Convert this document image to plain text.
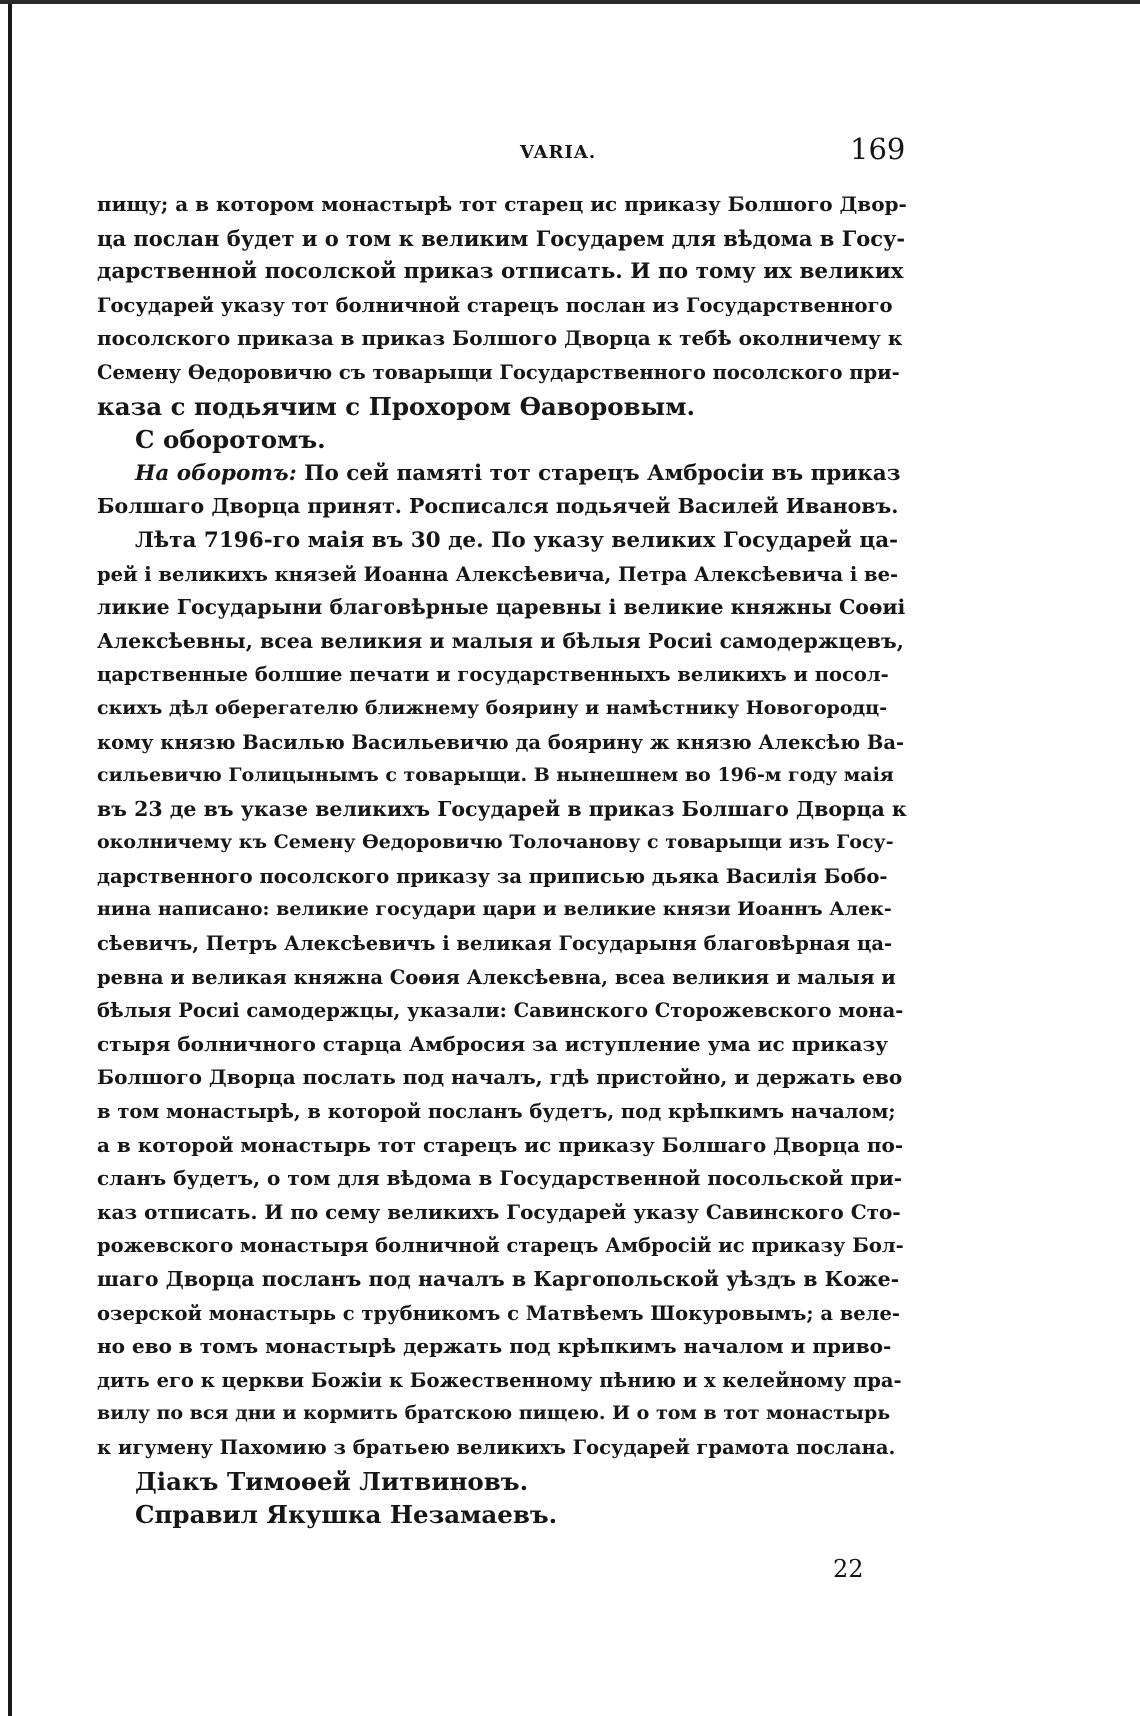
VARIA.	169
пищу; а в котором монастырѣ тот старец ис приказу Болшого Двор-
ца послан будет и о том к великим Государем для вѣдома в Госу-
дарственной посолской приказ отписать. И по тому их великих
Государей указу тот болничной старецъ послан из Государственного
посолского приказа в приказ Болшого Дворца к тебѣ околничему к
Семену Ѳедоровичю съ товарыщи Государственного посолского при-
каза с подьячим с Прохором Ѳаворовым.
С оборотомъ.
На оборотъ: По сей памятi тот старецъ Амбросiи въ приказ
Болшаго Дворца принят. Росписался подьячей Василей Ивановъ.
Лѣта 7196-го маiя въ 30 де. По указу великих Государей ца-
рей i великихъ князей Иоанна Алексѣевича, Петра Алексѣевича i ве-
ликие Государыни благовѣрные царевны i великие княжны Соѳиi
Алексѣевны, всеа великия и малыя и бѣлыя Росиi самодержцевъ,
царственные болшие печати и государственныхъ великихъ и посол-
скихъ дѣл оберегателю ближнему боярину и намѣстнику Новогородц-
кому князю Василью Васильевичю да боярину ж князю Алексѣю Ва-
сильевичю Голицынымъ с товарыщи. В нынешнем во 196-м году маiя
въ 23 де въ указе великихъ Государей в приказ Болшаго Дворца к
околничему къ Семену Ѳедоровичю Толочанову с товарыщи изъ Госу-
дарственного посолского приказу за приписью дьяка Василiя Бобо-
нина написано: великие государи цари и великие князи Иоаннъ Алек-
сѣевичъ, Петръ Алексѣевичъ i великая Государыня благовѣрная ца-
ревна и великая княжна Соѳия Алексѣевна, всеа великия и малыя и
бѣлыя Росиi самодержцы, указали: Савинского Сторожевского мона-
стыря болничного старца Амбросия за иступление ума ис приказу
Болшого Дворца послать под началъ, гдѣ пристойно, и держать ево
в том монастырѣ, в которой посланъ будетъ, под крѣпкимъ началом;
а в которой монастырь тот старецъ ис приказу Болшаго Дворца по-
сланъ будетъ, о том для вѣдома в Государственной посольской при-
каз отписать. И по сему великихъ Государей указу Савинского Сто-
рожевского монастыря болничной старецъ Амбросiй ис приказу Бол-
шаго Дворца посланъ под началъ в Каргопольской уѣздъ в Коже-
озерской монастырь с трубникомъ с Матвѣемъ Шокуровымъ; а веле-
но ево в томъ монастырѣ держать под крѣпкимъ началом и приво-
дить его к церкви Божiи к Божественному пѣнию и х келейному пра-
вилу по вся дни и кормить братскою пищею. И о том в тот монастырь
к игумену Пахомию з братьею великихъ Государей грамота послана.
Дiакъ Тимоѳей Литвиновъ.
Справил Якушка Незамаевъ.
22
